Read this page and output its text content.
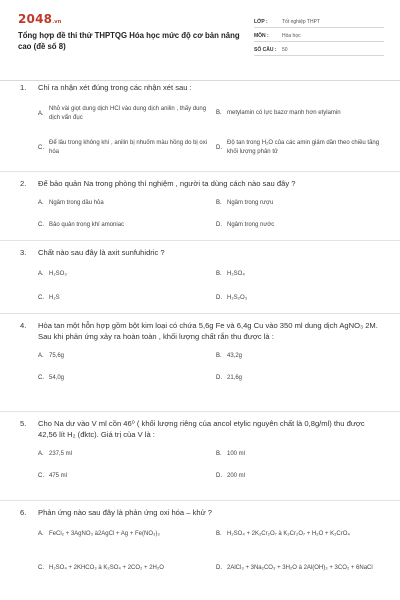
2048.vn
Tổng hợp đề thi thử THPTQG Hóa học mức độ cơ bản nâng cao (đề số 8)
LỚP :	Tốt nghiệp THPT
MÔN :	Hóa học
SỐ CÂU :	50
1.	Chỉ ra nhận xét đúng trong các nhận xét sau :
A.
Nhỏ vài giọt dung dịch HCl vào dung dịch anilin , thấy dung dịch vẩn đục
B. metylamin có lực bazơ mạnh hơn etylamin
C.
Để lâu trong không khí , anilin bị nhuốm màu hồng do bị oxi hóa
D.
Độ tan trong H₂O của các amin giảm dần theo chiều tăng khối lượng phân tử
2.	Để bảo quản Na trong phòng thí nghiệm , người ta dùng cách nào sau đây ?
A. Ngâm trong dầu hỏa	B. Ngâm trong rượu
C. Bảo quản trong khí amoniac	D. Ngâm trong nước
3.	Chất nào sau đây là axit sunfuhidric ?
A. H₂SO₃	B. H₂SO₄
C. H₂S	D. H₂S₂O₃
4.	Hòa tan một hỗn hợp gồm bột kim loại có chứa 5,6g Fe và 6,4g Cu vào 350 ml dung dịch AgNO₃ 2M. Sau khi phản ứng xảy ra hoàn toàn , khối lượng chất rắn thu được là :
A. 75,6g	B. 43,2g
C. 54,0g	D. 21,6g
5.	Cho Na dư vào V ml cồn 46⁰ ( khối lượng riêng của ancol etylic nguyên chất là 0,8g/ml) thu được 42,56 lít H₂ (đktc). Giá trị của V là :
A. 237,5 ml	B. 100 ml
C. 475 ml	D. 200 ml
6.	Phản ứng nào sau đây là phản ứng oxi hóa – khử ?
A. FeCl₂ + 3AgNO₃ à2AgCl + Ag + Fe(NO₃)₃	B. H₂SO₄ + 2K₂Cr₂O₇ à K₂Cr₂O₇ + H₂O + K₂CrO₄
C. H₂SO₄ + 2KHCO₃ à K₂SO₄ + 2CO₂ + 2H₂O	D. 2AlCl₃ + 3Na₂CO₃ + 3H₂O à 2Al(OH)₃ + 3CO₂ + 6NaCl
